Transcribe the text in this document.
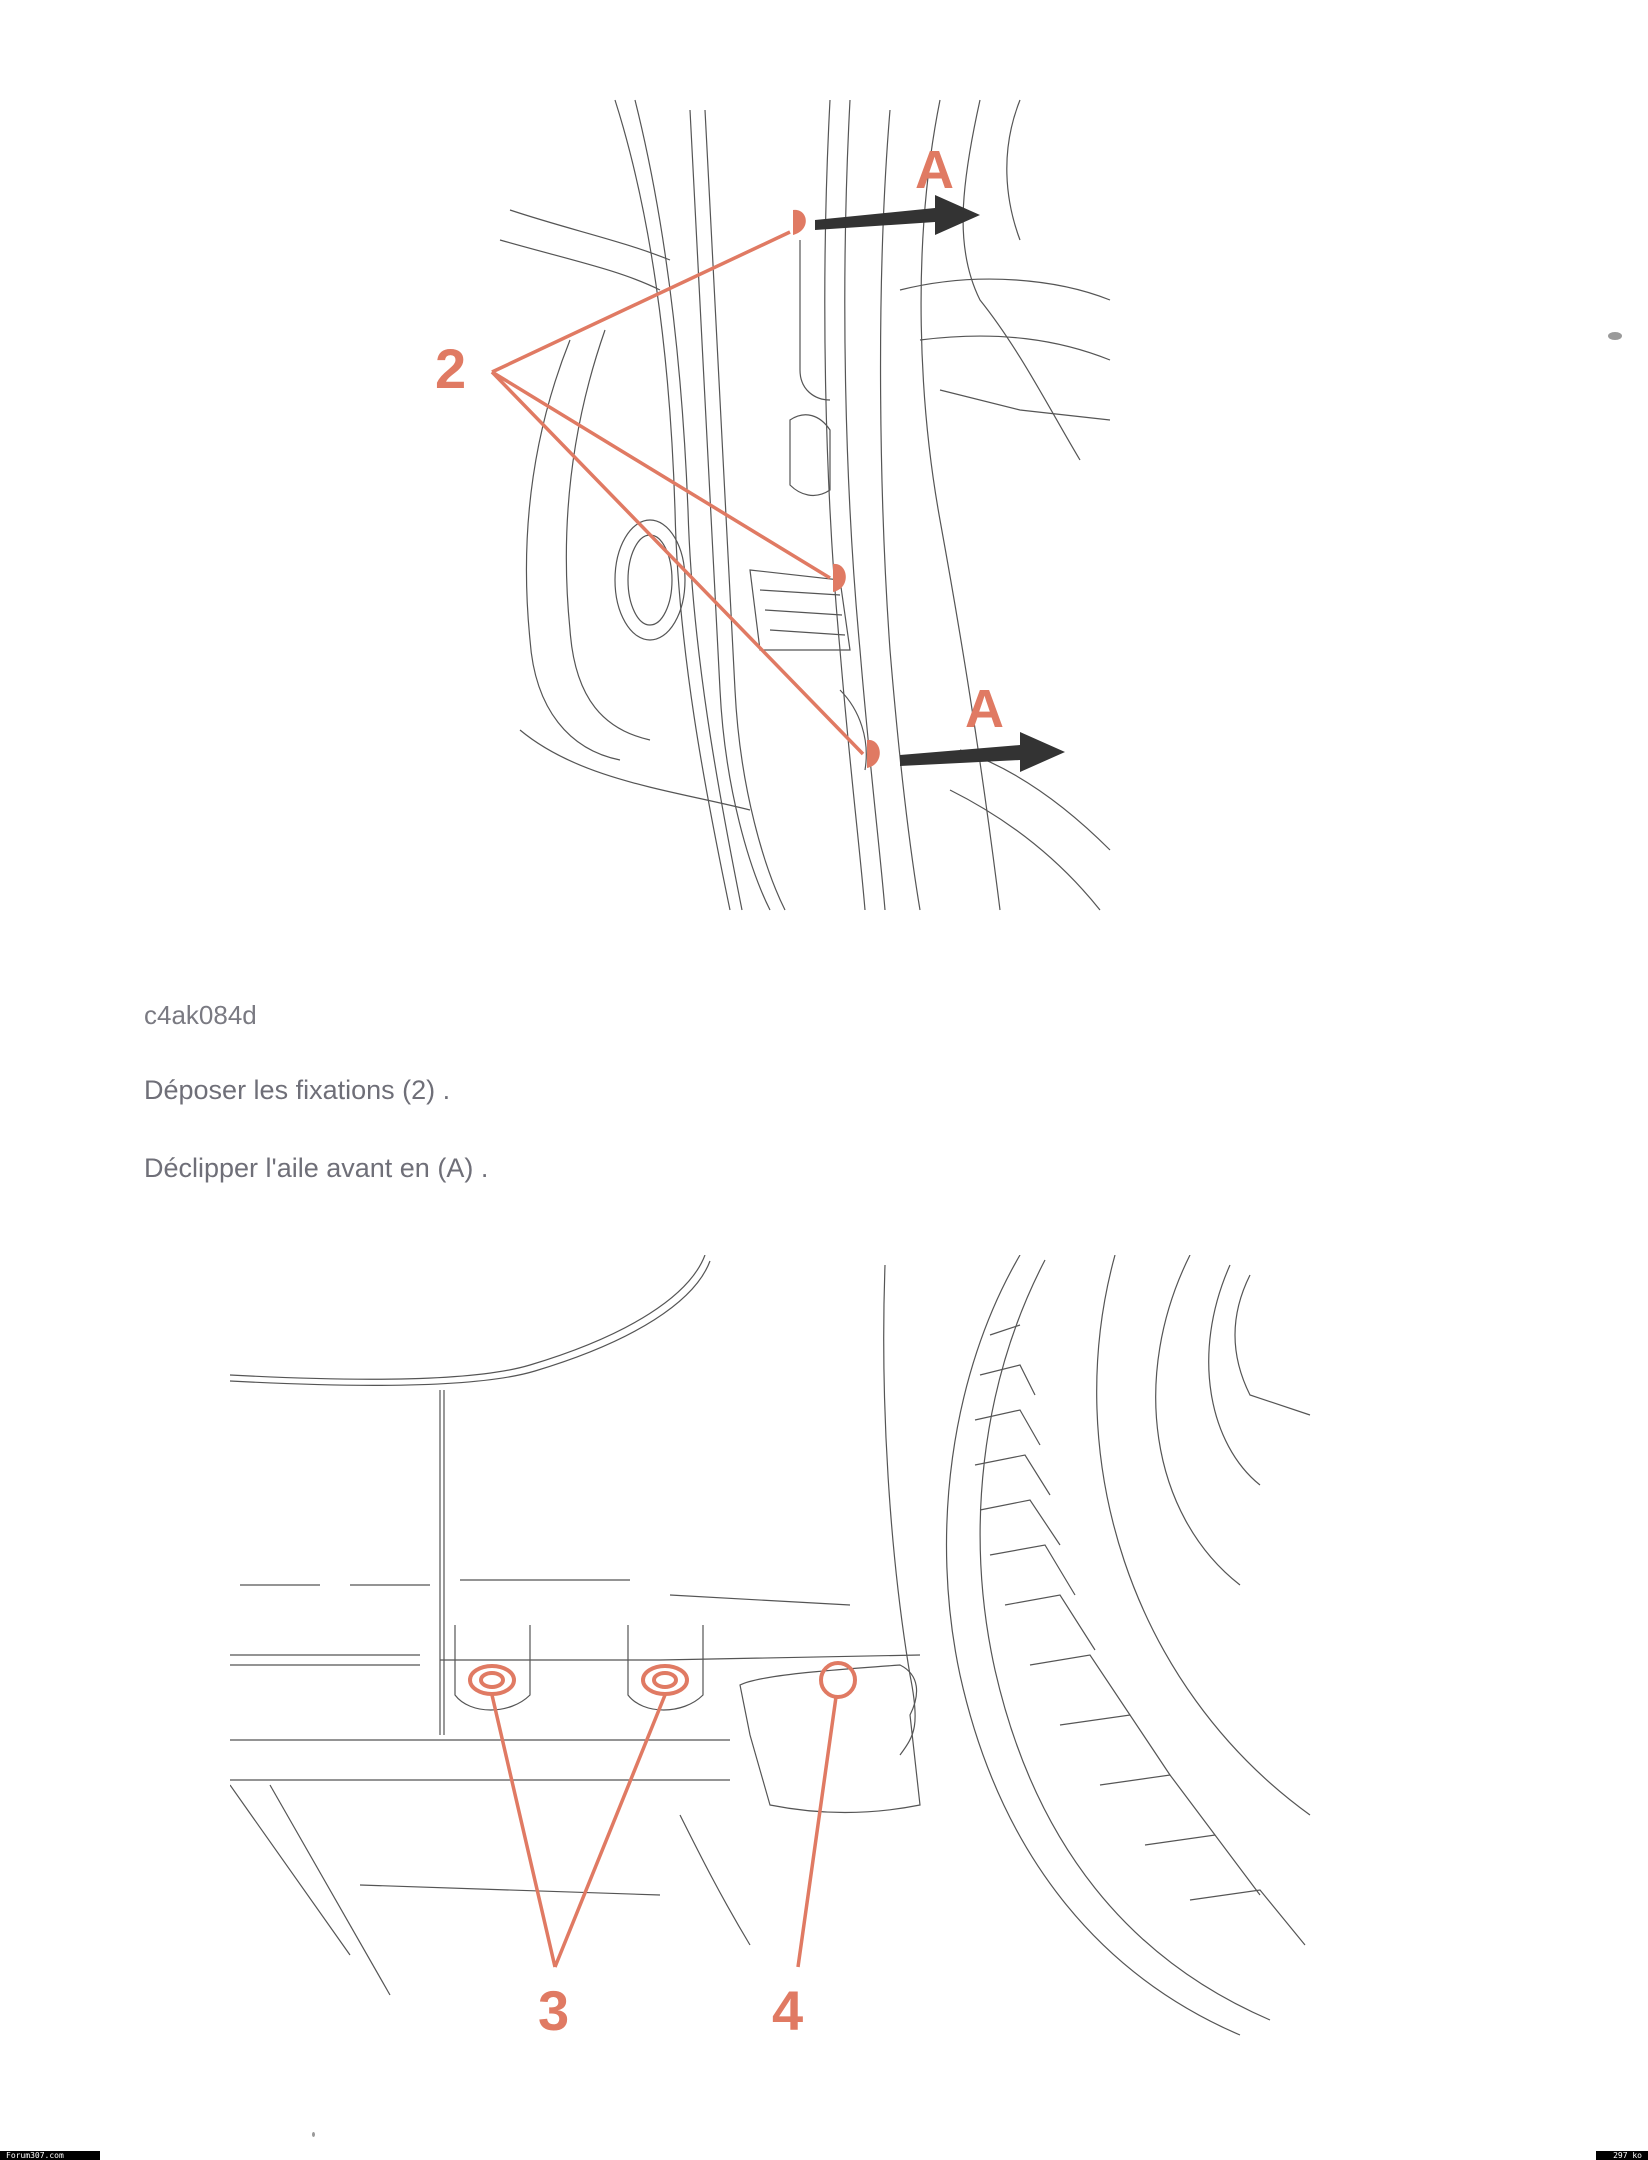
2
A
A
c4ak084d
Déposer les fixations (2) .
Déclipper l'aile avant en (A) .
3	4
Forum307.com	297 ko
